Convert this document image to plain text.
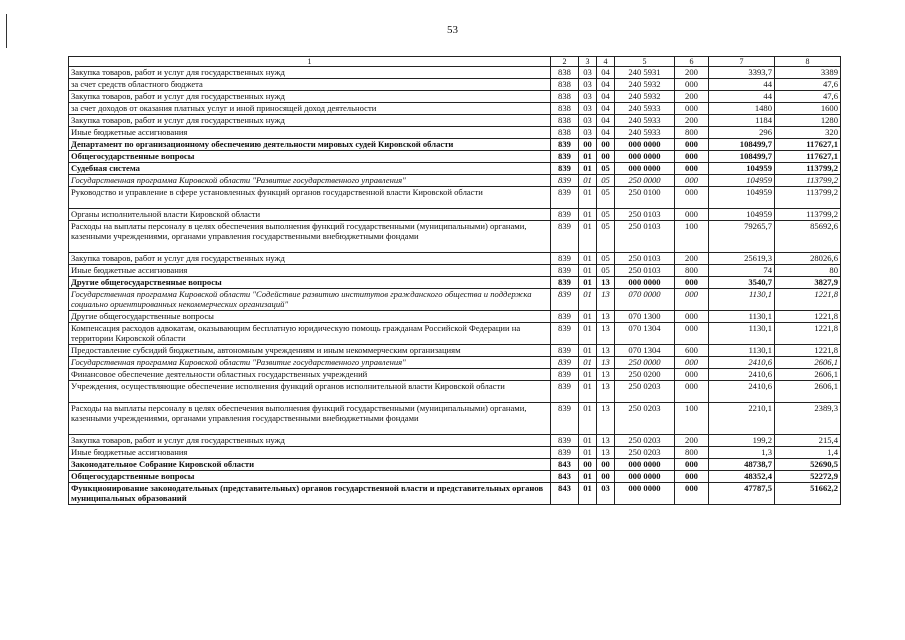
53
1	2	3	4	5	6	7	8
Закупка товаров, работ и услуг для государственных нужд	838	03	04	240 5931	200	3393,7	3389
за счет средств областного бюджета	838	03	04	240 5932	000	44	47,6
Закупка товаров, работ и услуг для государственных нужд	838	03	04	240 5932	200	44	47,6
за счет доходов от оказания платных услуг и иной приносящей доход деятельности	838	03	04	240 5933	000	1480	1600
Закупка товаров, работ и услуг для государственных нужд	838	03	04	240 5933	200	1184	1280
Иные бюджетные ассигнования	838	03	04	240 5933	800	296	320
Департамент по организационному обеспечению деятельности мировых судей Кировской области	839	00	00	000 0000	000	108499,7	117627,1
Общегосударственные вопросы	839	01	00	000 0000	000	108499,7	117627,1
Судебная система	839	01	05	000 0000	000	104959	113799,2
Государственная программа Кировской области "Развитие государственного управления"	839	01	05	250 0000	000	104959	113799,2
Руководство и управление в сфере установленных функций органов государственной власти Кировской области	839	01	05	250 0100	000	104959	113799,2
Органы исполнительной власти Кировской области	839	01	05	250 0103	000	104959	113799,2
Расходы на выплаты персоналу в целях обеспечения выполнения функций государственными (муниципальными) органами, казенными учреждениями, органами управления государственными внебюджетными фондами	839	01	05	250 0103	100	79265,7	85692,6
Закупка товаров, работ и услуг для государственных нужд	839	01	05	250 0103	200	25619,3	28026,6
Иные бюджетные ассигнования	839	01	05	250 0103	800	74	80
Другие общегосударственные вопросы	839	01	13	000 0000	000	3540,7	3827,9
Государственная программа Кировской области "Содействие развитию институтов гражданского общества и поддержка социально ориентированных некоммерческих организаций"	839	01	13	070 0000	000	1130,1	1221,8
Другие общегосударственные вопросы	839	01	13	070 1300	000	1130,1	1221,8
Компенсация расходов адвокатам, оказывающим бесплатную юридическую помощь гражданам Российской Федерации на территории Кировской области	839	01	13	070 1304	000	1130,1	1221,8
Предоставление субсидий бюджетным, автономным учреждениям и иным некоммерческим организациям	839	01	13	070 1304	600	1130,1	1221,8
Государственная программа Кировской области "Развитие государственного управления"	839	01	13	250 0000	000	2410,6	2606,1
Финансовое обеспечение деятельности областных государственных учреждений	839	01	13	250 0200	000	2410,6	2606,1
Учреждения, осуществляющие обеспечение исполнения функций органов исполнительной власти Кировской области	839	01	13	250 0203	000	2410,6	2606,1
Расходы на выплаты персоналу в целях обеспечения выполнения функций государственными (муниципальными) органами, казенными учреждениями, органами управления государственными внебюджетными фондами	839	01	13	250 0203	100	2210,1	2389,3
Закупка товаров, работ и услуг для государственных нужд	839	01	13	250 0203	200	199,2	215,4
Иные бюджетные ассигнования	839	01	13	250 0203	800	1,3	1,4
Законодательное Собрание Кировской области	843	00	00	000 0000	000	48738,7	52690,5
Общегосударственные вопросы	843	01	00	000 0000	000	48352,4	52272,9
Функционирование законодательных (представительных) органов государственной власти и представительных органов муниципальных образований	843	01	03	000 0000	000	47787,5	51662,2
